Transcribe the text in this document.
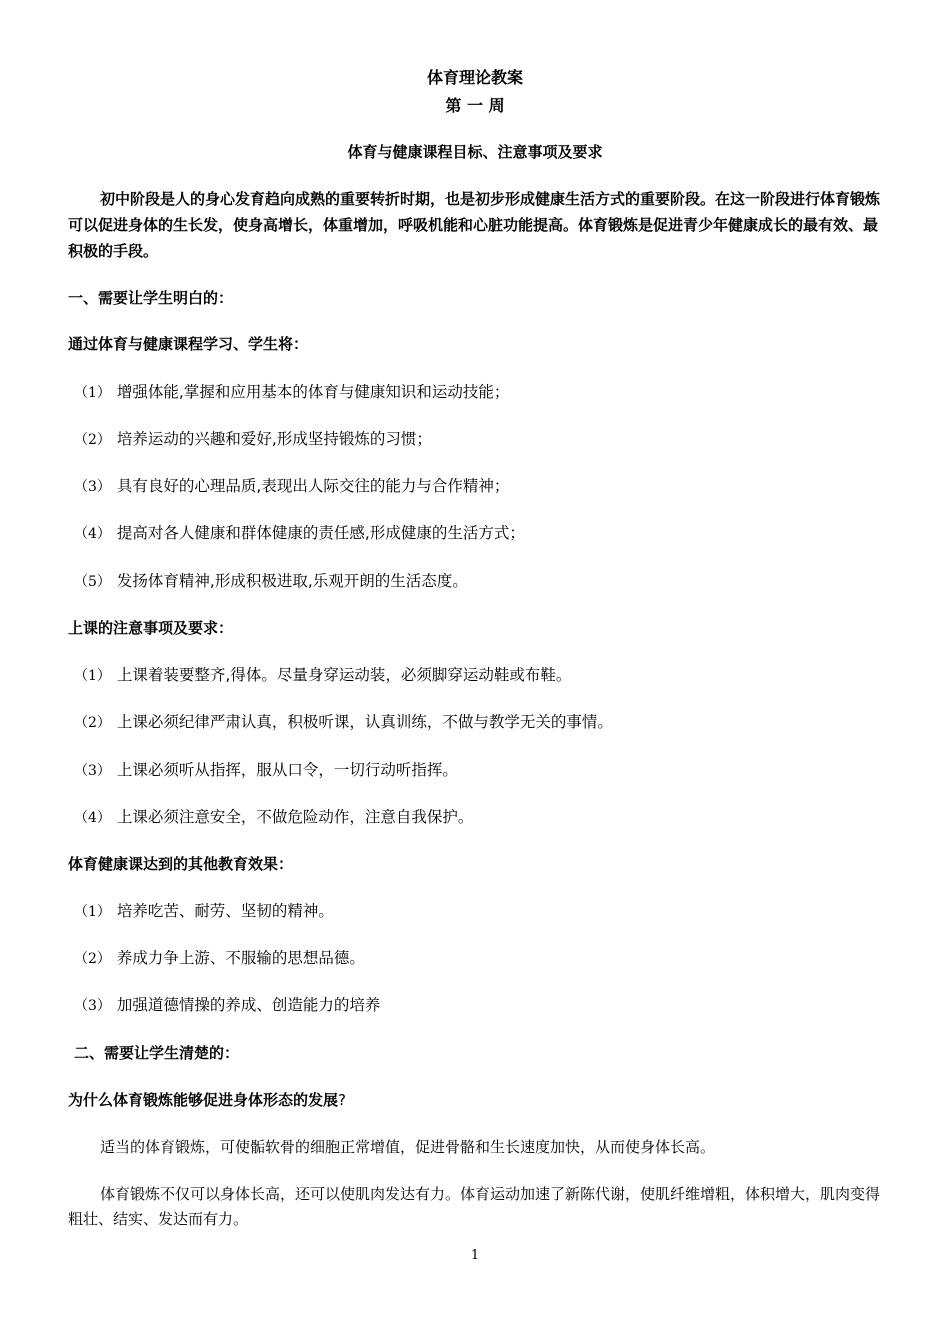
体育理论教案
第 一 周
体育与健康课程目标、注意事项及要求
初中阶段是人的身心发育趋向成熟的重要转折时期，也是初步形成健康生活方式的重要阶段。在这一阶段进行体育锻炼可以促进身体的生长发，使身高增长，体重增加，呼吸机能和心脏功能提高。体育锻炼是促进青少年健康成长的最有效、最积极的手段。
一、需要让学生明白的：
通过体育与健康课程学习、学生将：
（1） 增强体能,掌握和应用基本的体育与健康知识和运动技能；
（2） 培养运动的兴趣和爱好,形成坚持锻炼的习惯；
（3） 具有良好的心理品质,表现出人际交往的能力与合作精神；
（4） 提高对各人健康和群体健康的责任感,形成健康的生活方式；
（5） 发扬体育精神,形成积极进取,乐观开朗的生活态度。
上课的注意事项及要求：
（1） 上课着装要整齐,得体。尽量身穿运动装，必须脚穿运动鞋或布鞋。
（2） 上课必须纪律严肃认真，积极听课，认真训练，不做与教学无关的事情。
（3） 上课必须听从指挥，服从口令，一切行动听指挥。
（4） 上课必须注意安全，不做危险动作，注意自我保护。
体育健康课达到的其他教育效果：
（1） 培养吃苦、耐劳、坚韧的精神。
（2） 养成力争上游、不服输的思想品德。
（3） 加强道德情操的养成、创造能力的培养
二、需要让学生清楚的：
为什么体育锻炼能够促进身体形态的发展?
适当的体育锻炼，可使骺软骨的细胞正常增值，促进骨骼和生长速度加快，从而使身体长高。
体育锻炼不仅可以身体长高，还可以使肌肉发达有力。体育运动加速了新陈代谢，使肌纤维增粗，体积增大，肌肉变得粗壮、结实、发达而有力。
1
